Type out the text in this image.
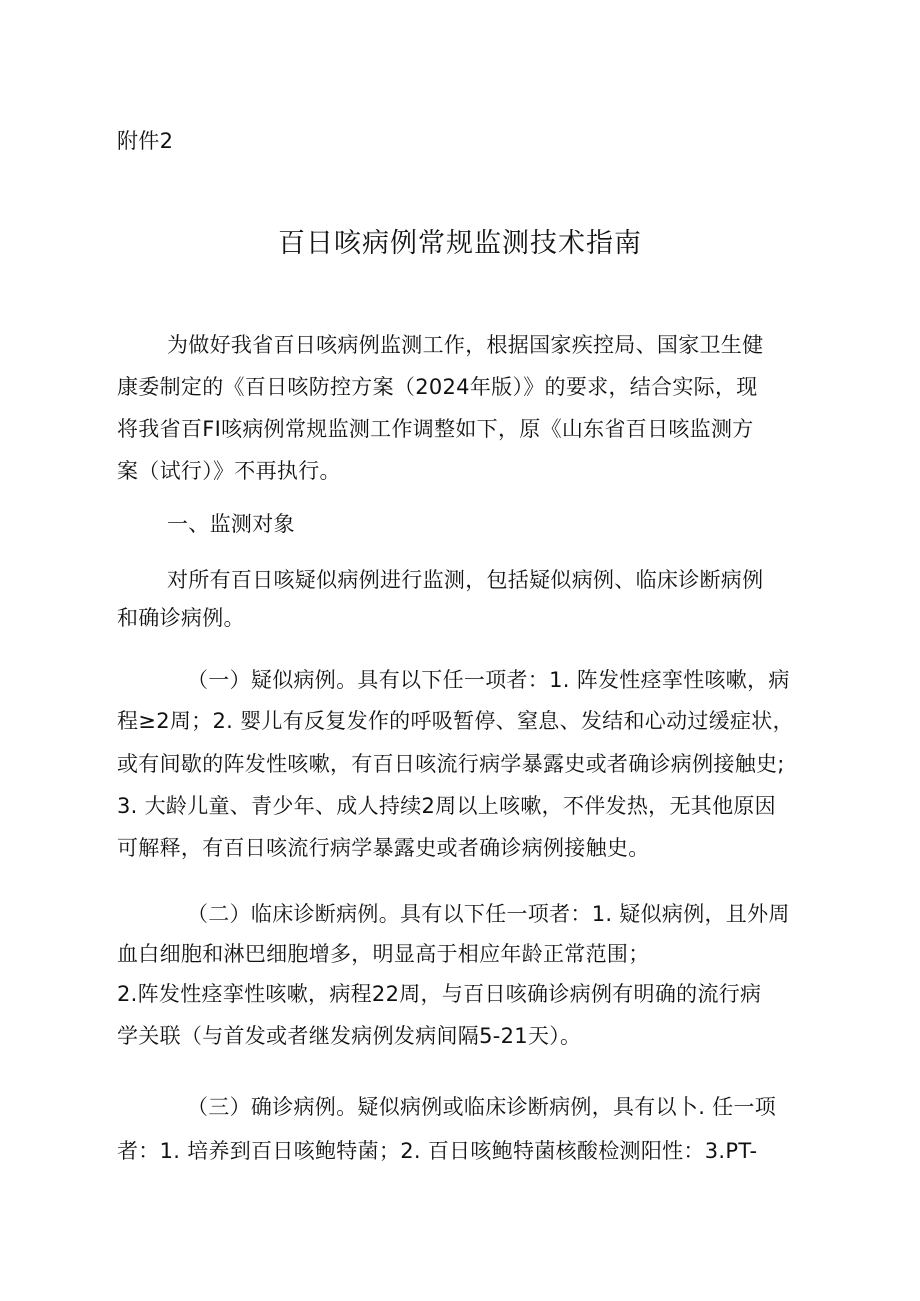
附件2
百日咳病例常规监测技术指南
为做好我省百日咳病例监测工作，根据国家疾控局、国家卫生健
康委制定的《百日咳防控方案（2024年版）》的要求，结合实际，现
将我省百FI咳病例常规监测工作调整如下，原《山东省百日咳监测方
案（试行）》不再执行。
一、监测对象
对所有百日咳疑似病例进行监测，包括疑似病例、临床诊断病例
和确诊病例。
（一）疑似病例。具有以下任一项者：1. 阵发性痉挛性咳嗽，病
程≥2周；2. 婴儿有反复发作的呼吸暂停、窒息、发结和心动过缓症状，
或有间歇的阵发性咳嗽，有百日咳流行病学暴露史或者确诊病例接触史;
3. 大龄儿童、青少年、成人持续2周以上咳嗽，不伴发热，无其他原因
可解释，有百日咳流行病学暴露史或者确诊病例接触史。
（二）临床诊断病例。具有以下任一项者：1. 疑似病例，且外周
血白细胞和淋巴细胞增多，明显高于相应年龄正常范围；
2.阵发性痉挛性咳嗽，病程22周，与百日咳确诊病例有明确的流行病
学关联（与首发或者继发病例发病间隔5-21天）。
（三）确诊病例。疑似病例或临床诊断病例，具有以卜. 任一项
者：1. 培养到百日咳鲍特菌；2. 百日咳鲍特菌核酸检测阳性：3.PT-
